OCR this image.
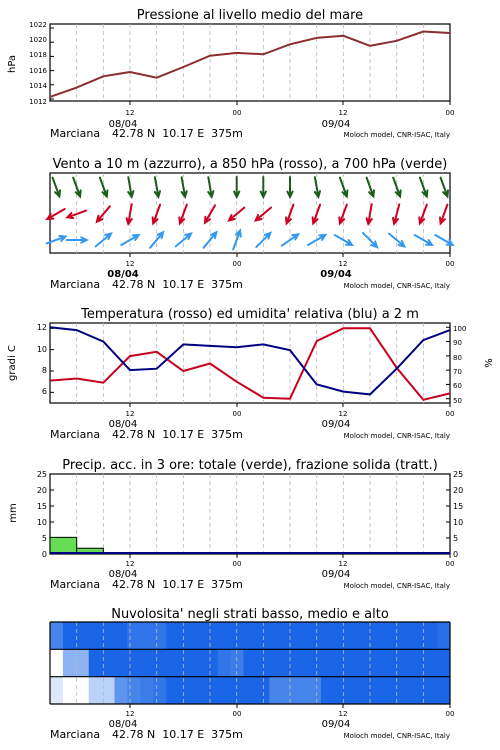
Pressione al livello medio del mare
Vento a 10 m (azzurro), a 850 hPa (rosso), a 700 hPa (verde)
Temperatura (rosso) ed umidita' relativa (blu) a 2 m
Precip. acc. in 3 ore: totale (verde), frazione solida (tratt.)
Nuvolosita' negli strati basso, medio e alto
hPa
gradi C	%
mm
1012
1014
1016
1018
1020
1022
6
8
10
12
50
60
70
80
90
100
0
5
10
15
20
25
0
5
10
15
20
25
12	00	12	00
08/04	09/04
Marciana 42.78 N  10.17 E  375m	Moloch model, CNR-ISAC, Italy
12	00	12	00
08/04	09/04
Marciana 42.78 N  10.17 E  375m	Moloch model, CNR-ISAC, Italy
12	00	12	00
08/04	09/04
Marciana 42.78 N  10.17 E  375m	Moloch model, CNR-ISAC, Italy
12	00	12	00
08/04	09/04
Marciana 42.78 N  10.17 E  375m	Moloch model, CNR-ISAC, Italy
12	00	12	00
08/04	09/04
Marciana 42.78 N  10.17 E  375m	Moloch model, CNR-ISAC, Italy
